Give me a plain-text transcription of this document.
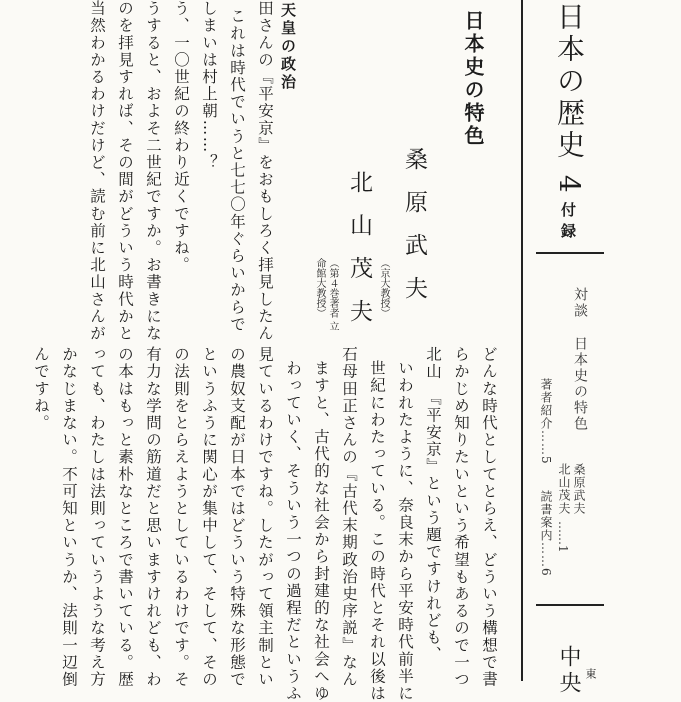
日本の歴史 4
付録
対談
日本史の特色
桑原武夫
北山茂夫
……1
著者紹介……5
読書案内……6
中央 東
日本史の特色
桑原武夫
（京大教授）
北山茂夫
（第４巻著者 立命館大教授）
天皇の政治
田さんの『平安京』をおもしろく拝見したん
これは時代でいうと七七〇年ぐらいからで
しまいは村上朝……？
う、一〇世紀の終わり近くですね。
うすると、およそ二世紀ですか。お書きにな
のを拝見すれば、その間がどういう時代かと
当然わかるわけだけど、読む前に北山さんが
どんな時代としてとらえ、どういう構想で書
らかじめ知りたいという希望もあるので一つ
北山　『平安京』という題ですけれども、
いわれたように、奈良末から平安時代前半に
世紀にわたっている。この時代とそれ以後は
石母田正さんの『古代末期政治史序説』なん
ますと、古代的な社会から封建的な社会へゆ
わっていく、そういう一つの過程だというふ
見ているわけですね。したがって領主制とい
の農奴支配が日本ではどういう特殊な形態で
というふうに関心が集中して、そして、その
の法則をとらえようとしているわけです。そ
有力な学問の筋道だと思いますけれども、わ
の本はもっと素朴なところで書いている。歴
っても、わたしは法則っていうような考え方
かなじまない。不可知というか、法則一辺倒
んですね。
